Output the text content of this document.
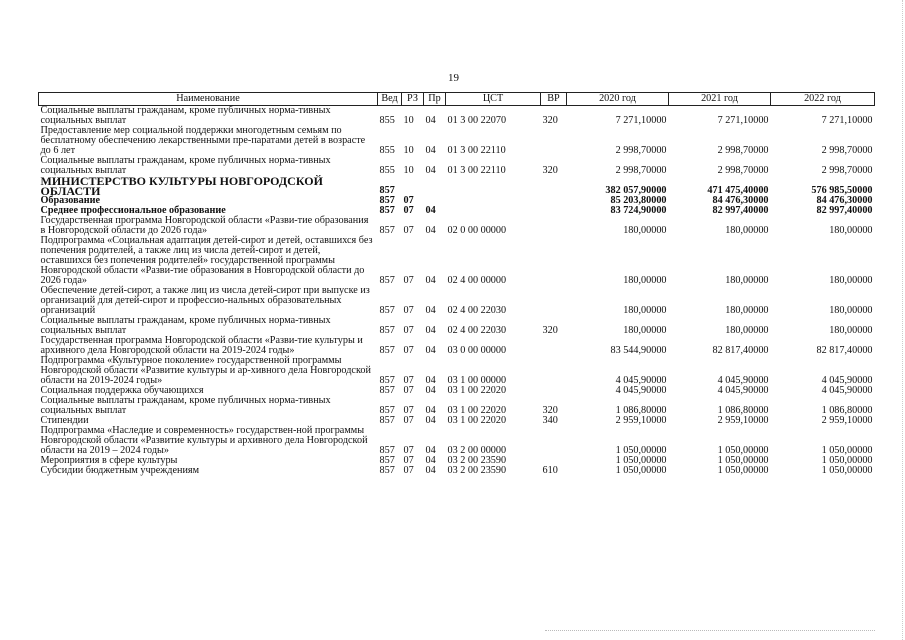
19
Наименование	Вед	РЗ	Пр	ЦСТ	ВР	2020 год	2021 год	2022 год
Социальные выплаты гражданам, кроме публичных норма-тивных социальных выплат	855	10	04	01 3 00 22070	320	7 271,10000	7 271,10000	7 271,10000
Предоставление мер социальной поддержки многодетным семьям по бесплатному обеспечению лекарственными пре-паратами детей в возрасте до 6 лет	855	10	04	01 3 00 22110		2 998,70000	2 998,70000	2 998,70000
Социальные выплаты гражданам, кроме публичных норма-тивных социальных выплат	855	10	04	01 3 00 22110	320	2 998,70000	2 998,70000	2 998,70000
МИНИСТЕРСТВО КУЛЬТУРЫ НОВГОРОДСКОЙ ОБЛАСТИ	857					382 057,90000	471 475,40000	576 985,50000
Образование	857	07				85 203,80000	84 476,30000	84 476,30000
Среднее профессиональное образование	857	07	04			83 724,90000	82 997,40000	82 997,40000
Государственная программа Новгородской области «Разви-тие образования в Новгородской области до 2026 года»	857	07	04	02 0 00 00000		180,00000	180,00000	180,00000
Подпрограмма «Социальная адаптация детей-сирот и детей, оставшихся без попечения родителей, а также лиц из числа детей-сирот и детей, оставшихся без попечения родителей» государственной программы Новгородской области «Разви-тие образования в Новгородской области до 2026 года»	857	07	04	02 4 00 00000		180,00000	180,00000	180,00000
Обеспечение детей-сирот, а также лиц из числа детей-сирот при выпуске из организаций для детей-сирот и профессио-нальных образовательных организаций	857	07	04	02 4 00 22030		180,00000	180,00000	180,00000
Социальные выплаты гражданам, кроме публичных норма-тивных социальных выплат	857	07	04	02 4 00 22030	320	180,00000	180,00000	180,00000
Государственная программа Новгородской области «Разви-тие культуры и архивного дела Новгородской области на 2019-2024 годы»	857	07	04	03 0 00 00000		83 544,90000	82 817,40000	82 817,40000
Подпрограмма «Культурное поколение» государственной программы Новгородской области «Развитие культуры и ар-хивного дела Новгородской области на 2019-2024 годы»	857	07	04	03 1 00 00000		4 045,90000	4 045,90000	4 045,90000
Социальная поддержка обучающихся	857	07	04	03 1 00 22020		4 045,90000	4 045,90000	4 045,90000
Социальные выплаты гражданам, кроме публичных норма-тивных социальных выплат	857	07	04	03 1 00 22020	320	1 086,80000	1 086,80000	1 086,80000
Стипендии	857	07	04	03 1 00 22020	340	2 959,10000	2 959,10000	2 959,10000
Подпрограмма «Наследие и современность» государствен-ной программы Новгородской области «Развитие культуры и архивного дела Новгородской области на 2019 – 2024 годы»	857	07	04	03 2 00 00000		1 050,00000	1 050,00000	1 050,00000
Мероприятия в сфере культуры	857	07	04	03 2 00 23590		1 050,00000	1 050,00000	1 050,00000
Субсидии бюджетным учреждениям	857	07	04	03 2 00 23590	610	1 050,00000	1 050,00000	1 050,00000
